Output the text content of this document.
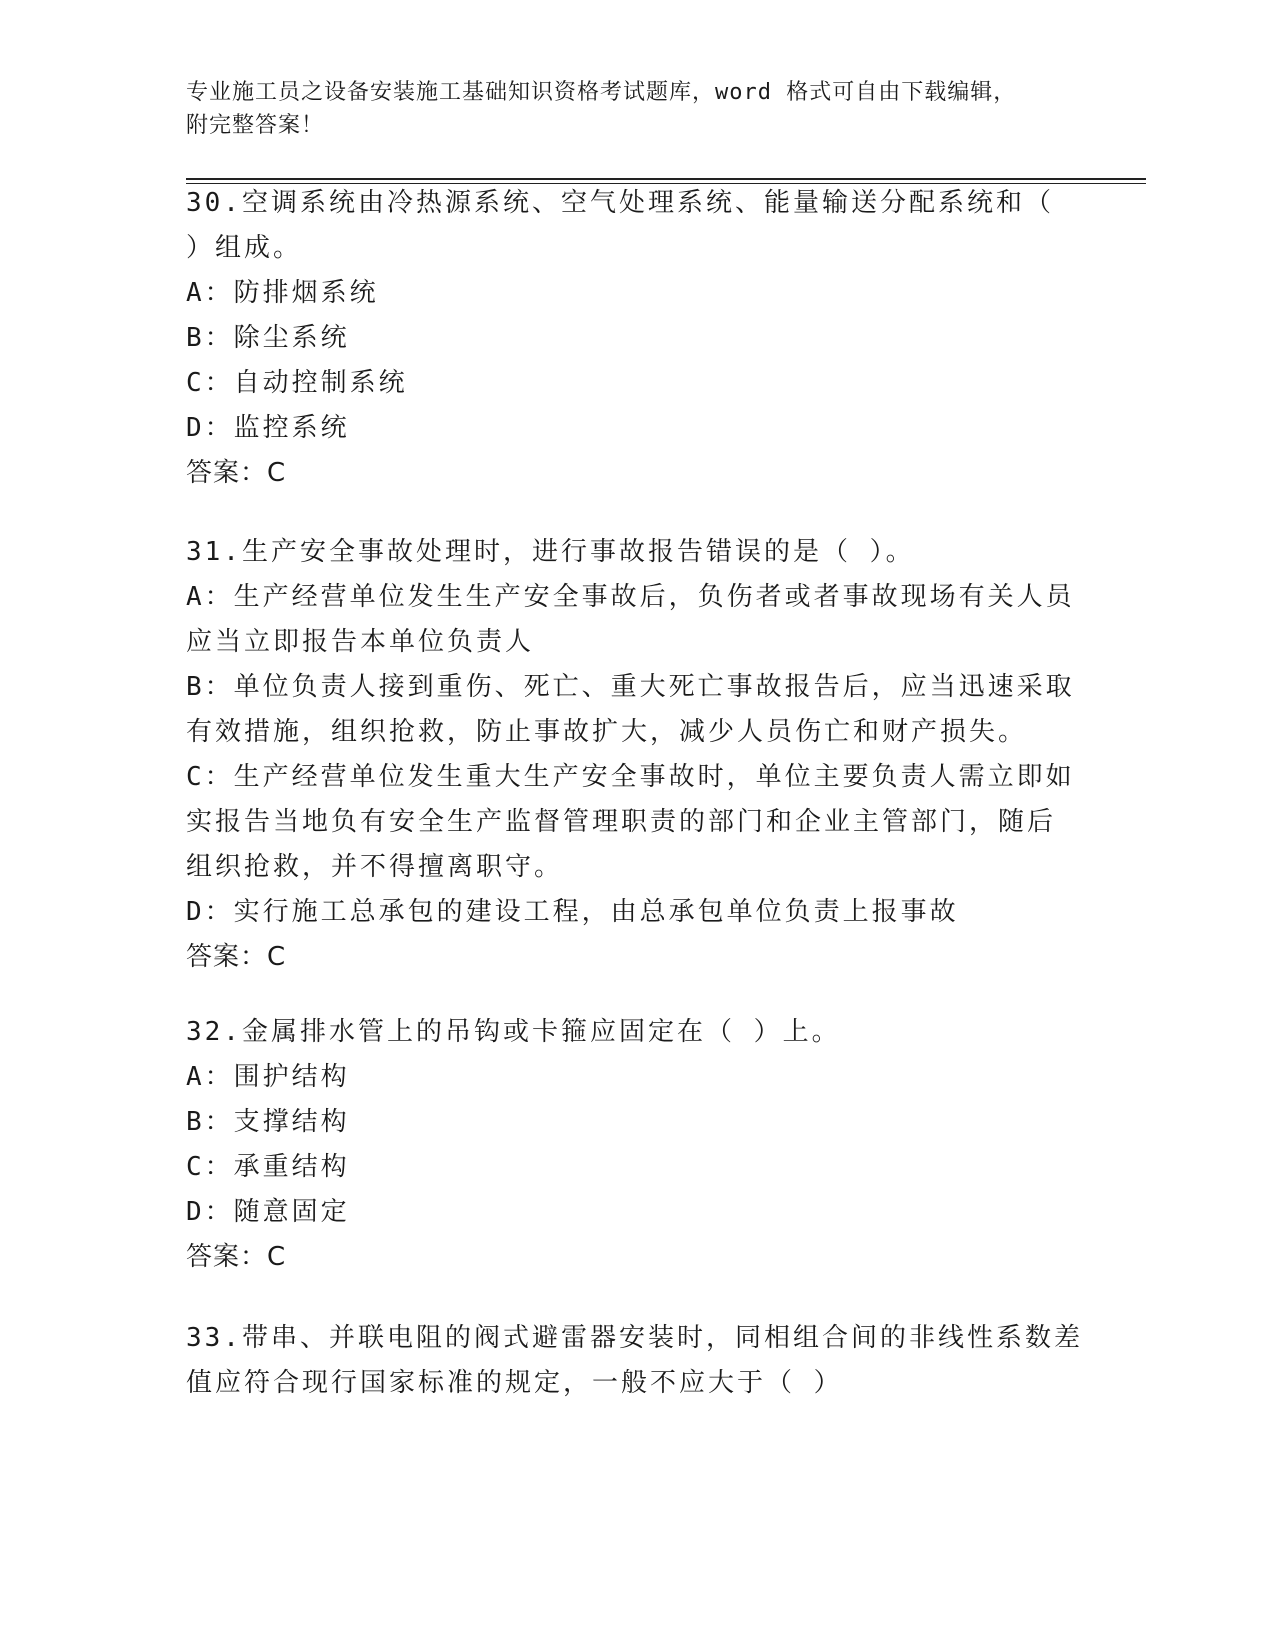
专业施工员之设备安装施工基础知识资格考试题库，word 格式可自由下载编辑，
附完整答案！
30.空调系统由冷热源系统、空气处理系统、能量输送分配系统和（
）组成。
A：防排烟系统
B：除尘系统
C：自动控制系统
D：监控系统
答案：C
31.生产安全事故处理时，进行事故报告错误的是（ ）。
A：生产经营单位发生生产安全事故后，负伤者或者事故现场有关人员
应当立即报告本单位负责人
B：单位负责人接到重伤、死亡、重大死亡事故报告后，应当迅速采取
有效措施，组织抢救，防止事故扩大，减少人员伤亡和财产损失。
C：生产经营单位发生重大生产安全事故时，单位主要负责人需立即如
实报告当地负有安全生产监督管理职责的部门和企业主管部门，随后
组织抢救，并不得擅离职守。
D：实行施工总承包的建设工程，由总承包单位负责上报事故
答案：C
32.金属排水管上的吊钩或卡箍应固定在（ ）上。
A：围护结构
B：支撑结构
C：承重结构
D：随意固定
答案：C
33.带串、并联电阻的阀式避雷器安装时，同相组合间的非线性系数差
值应符合现行国家标准的规定，一般不应大于（ ）
